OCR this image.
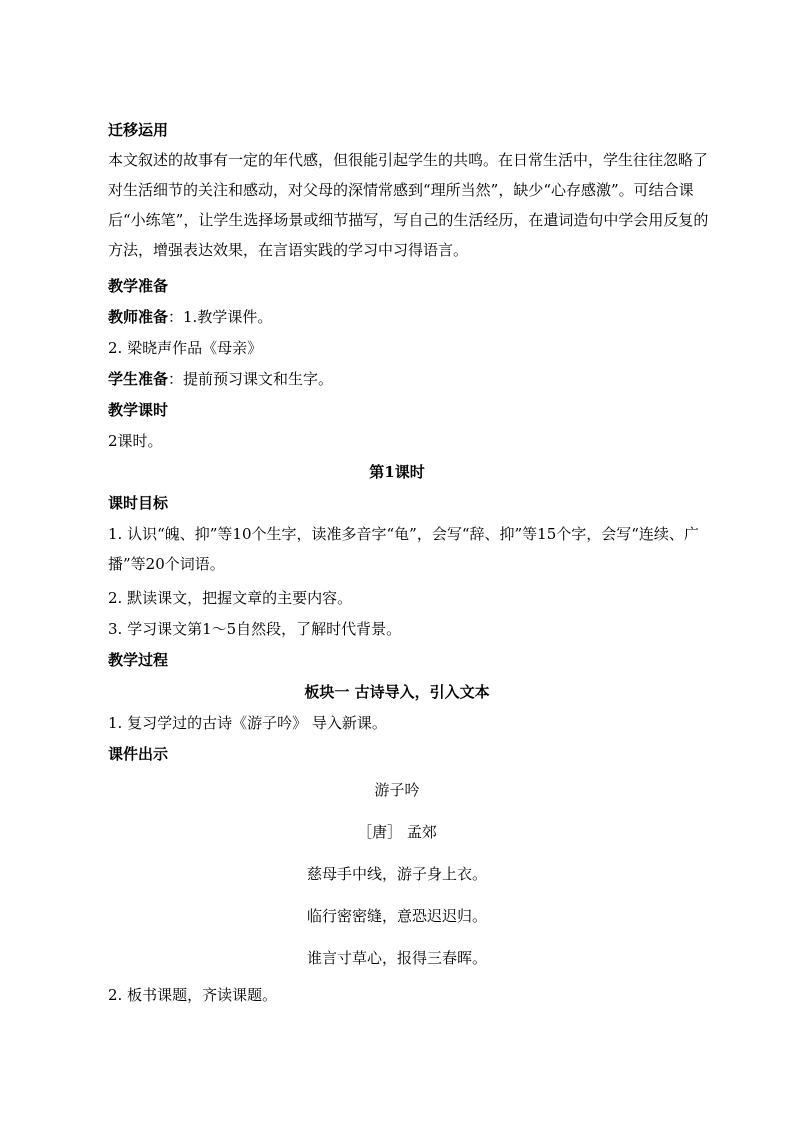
迁移运用
本文叙述的故事有一定的年代感，但很能引起学生的共鸣。在日常生活中，学生往往忽略了对生活细节的关注和感动，对父母的深情常感到“理所当然”，缺少“心存感激”。可结合课后“小练笔”，让学生选择场景或细节描写，写自己的生活经历，在遣词造句中学会用反复的方法，增强表达效果，在言语实践的学习中习得语言。
教学准备
教师准备：1.教学课件。
2. 梁晓声作品《母亲》
学生准备：提前预习课文和生字。
教学课时
2课时。
第1课时
课时目标
1. 认识“魄、抑”等10个生字，读准多音字“龟”，会写“辞、抑”等15个字，会写“连续、广播”等20个词语。
2. 默读课文，把握文章的主要内容。
3. 学习课文第1～5自然段，了解时代背景。
教学过程
板块一 古诗导入，引入文本
1. 复习学过的古诗《游子吟》 导入新课。
课件出示
游子吟
［唐］ 孟郊
慈母手中线，游子身上衣。
临行密密缝，意恐迟迟归。
谁言寸草心，报得三春晖。
2. 板书课题，齐读课题。
